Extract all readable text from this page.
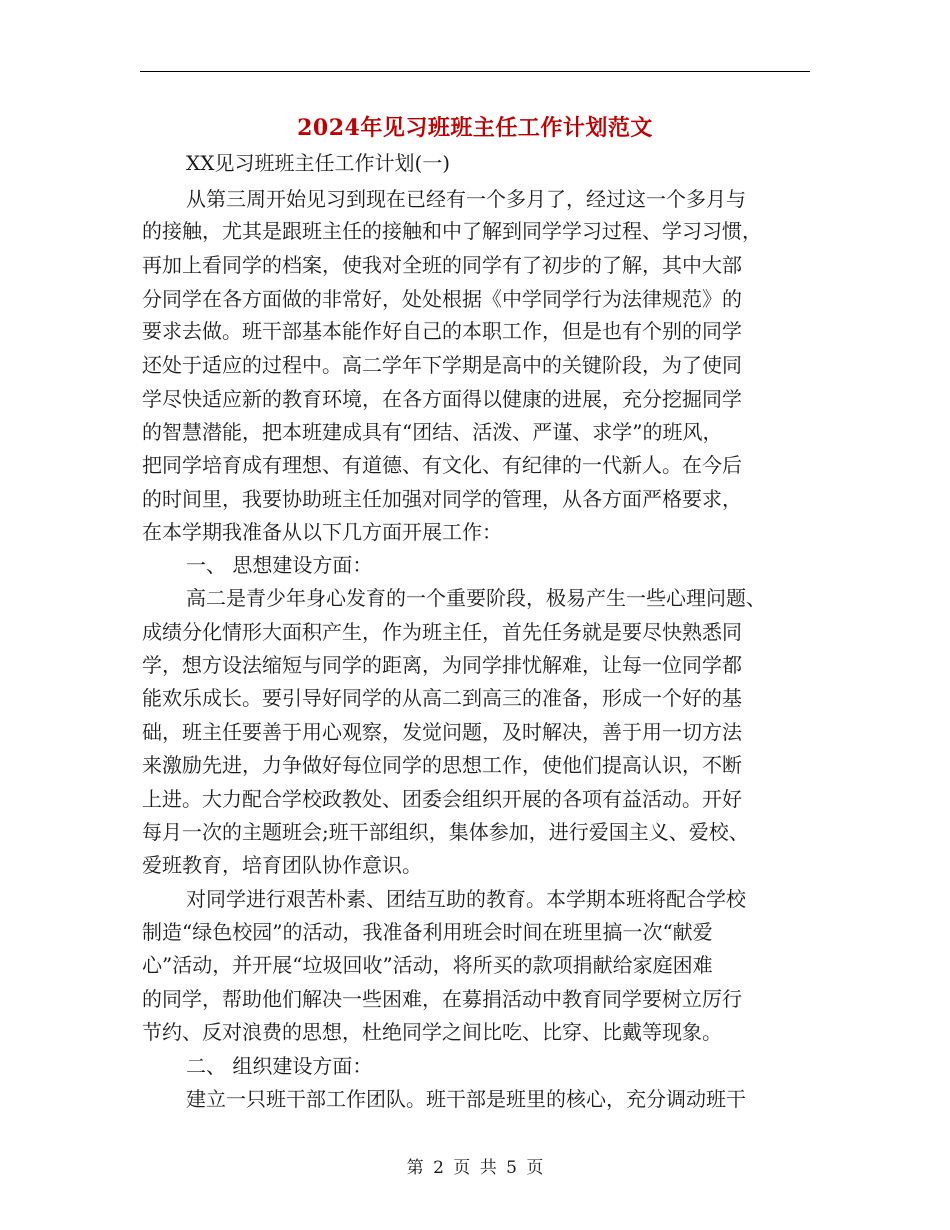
2024年见习班班主任工作计划范文
XX见习班班主任工作计划(一)
从第三周开始见习到现在已经有一个多月了，经过这一个多月与
的接触，尤其是跟班主任的接触和中了解到同学学习过程、学习习惯，
再加上看同学的档案，使我对全班的同学有了初步的了解，其中大部
分同学在各方面做的非常好，处处根据《中学同学行为法律规范》的
要求去做。班干部基本能作好自己的本职工作，但是也有个别的同学
还处于适应的过程中。高二学年下学期是高中的关键阶段，为了使同
学尽快适应新的教育环境，在各方面得以健康的进展，充分挖掘同学
的智慧潜能，把本班建成具有“团结、活泼、严谨、求学”的班风，
把同学培育成有理想、有道德、有文化、有纪律的一代新人。在今后
的时间里，我要协助班主任加强对同学的管理，从各方面严格要求，
在本学期我准备从以下几方面开展工作：
一、 思想建设方面：
高二是青少年身心发育的一个重要阶段，极易产生一些心理问题、
成绩分化情形大面积产生，作为班主任，首先任务就是要尽快熟悉同
学，想方设法缩短与同学的距离，为同学排忧解难，让每一位同学都
能欢乐成长。要引导好同学的从高二到高三的准备，形成一个好的基
础，班主任要善于用心观察，发觉问题，及时解决，善于用一切方法
来激励先进，力争做好每位同学的思想工作，使他们提高认识，不断
上进。大力配合学校政教处、团委会组织开展的各项有益活动。开好
每月一次的主题班会;班干部组织，集体参加，进行爱国主义、爱校、
爱班教育，培育团队协作意识。
对同学进行艰苦朴素、团结互助的教育。本学期本班将配合学校
制造“绿色校园”的活动，我准备利用班会时间在班里搞一次“献爱
心”活动，并开展“垃圾回收”活动，将所买的款项捐献给家庭困难
的同学，帮助他们解决一些困难，在募捐活动中教育同学要树立厉行
节约、反对浪费的思想，杜绝同学之间比吃、比穿、比戴等现象。
二、 组织建设方面：
建立一只班干部工作团队。班干部是班里的核心，充分调动班干
第 2 页 共 5 页
